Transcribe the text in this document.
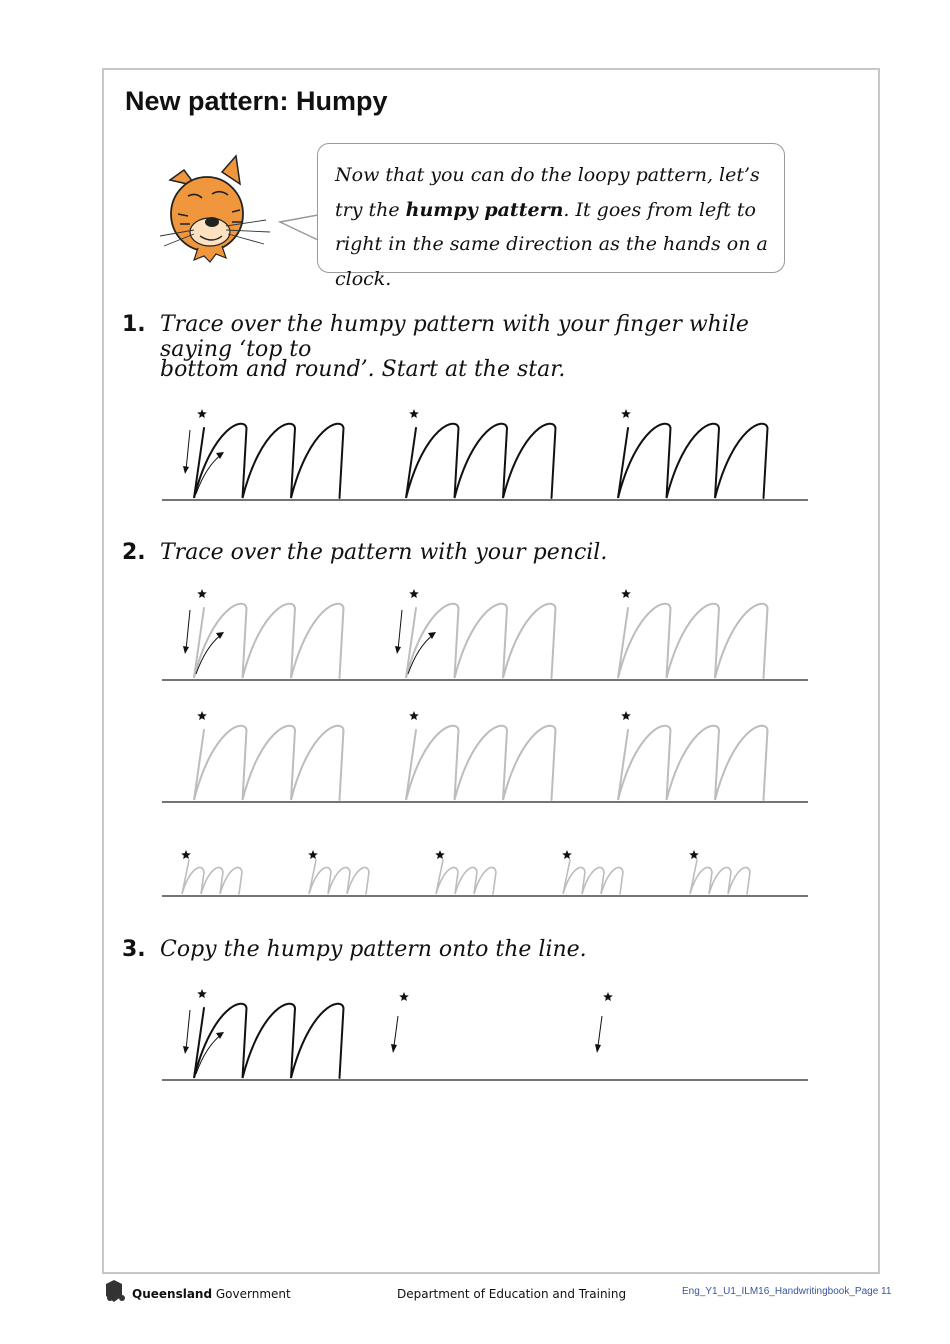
New pattern: Humpy
Now that you can do the loopy pattern, let’s try the humpy pattern. It goes from left to right in the same direction as the hands on a clock.
1. Trace over the humpy pattern with your finger while saying ‘top to
bottom and round’. Start at the star.
2. Trace over the pattern with your pencil.
3. Copy the humpy pattern onto the line.
Queensland Government	Department of Education and Training	Eng_Y1_U1_ILM16_Handwritingbook_Page 11
